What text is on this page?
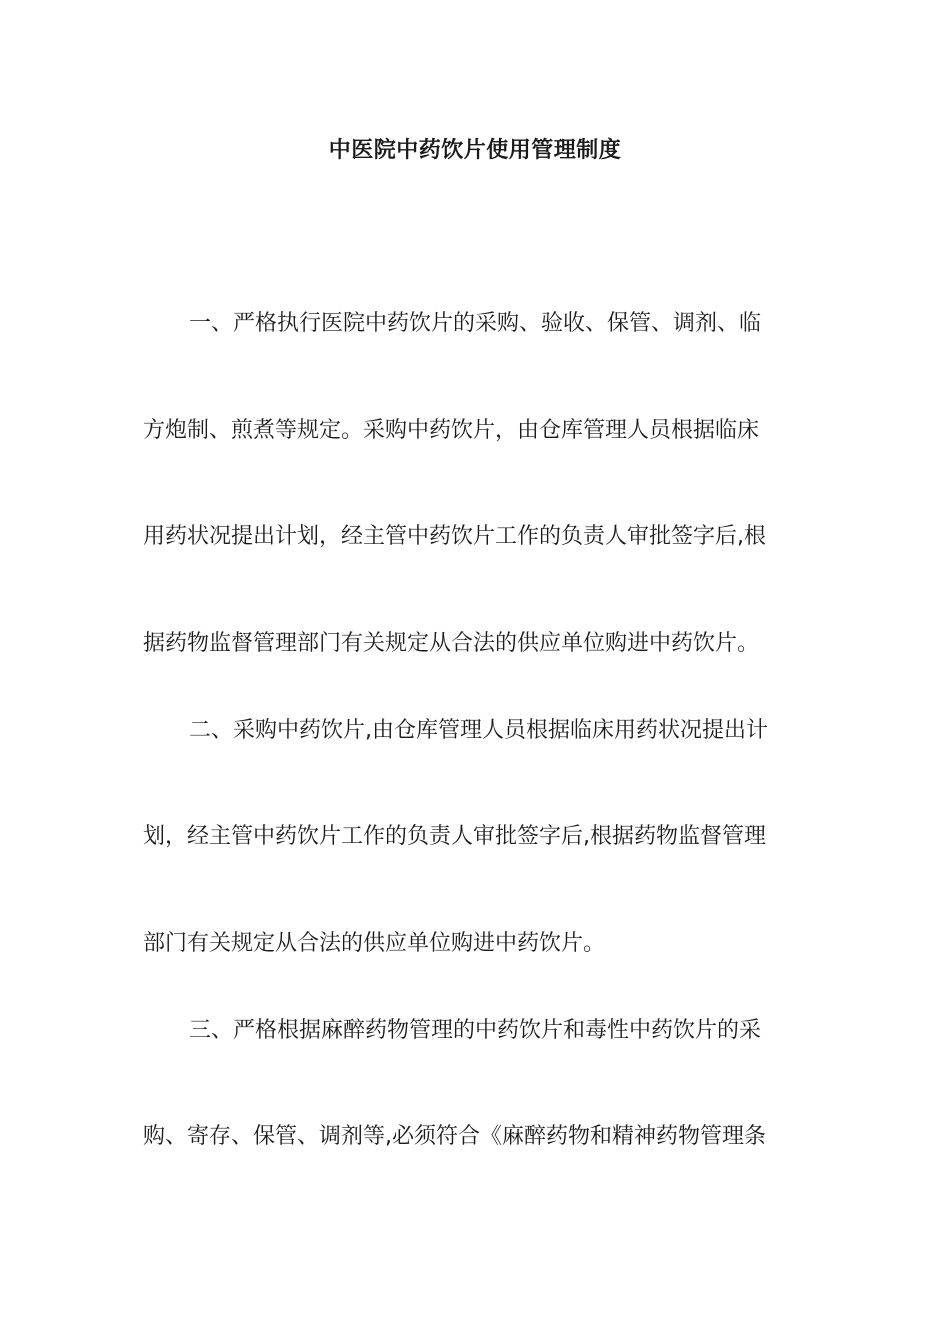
中医院中药饮片使用管理制度
一、严格执行医院中药饮片的采购、验收、保管、调剂、临
方炮制、煎煮等规定。采购中药饮片，由仓库管理人员根据临床
用药状况提出计划，经主管中药饮片工作的负责人审批签字后,根
据药物监督管理部门有关规定从合法的供应单位购进中药饮片。
二、采购中药饮片,由仓库管理人员根据临床用药状况提出计
划，经主管中药饮片工作的负责人审批签字后,根据药物监督管理
部门有关规定从合法的供应单位购进中药饮片。
三、严格根据麻醉药物管理的中药饮片和毒性中药饮片的采
购、寄存、保管、调剂等,必须符合《麻醉药物和精神药物管理条
